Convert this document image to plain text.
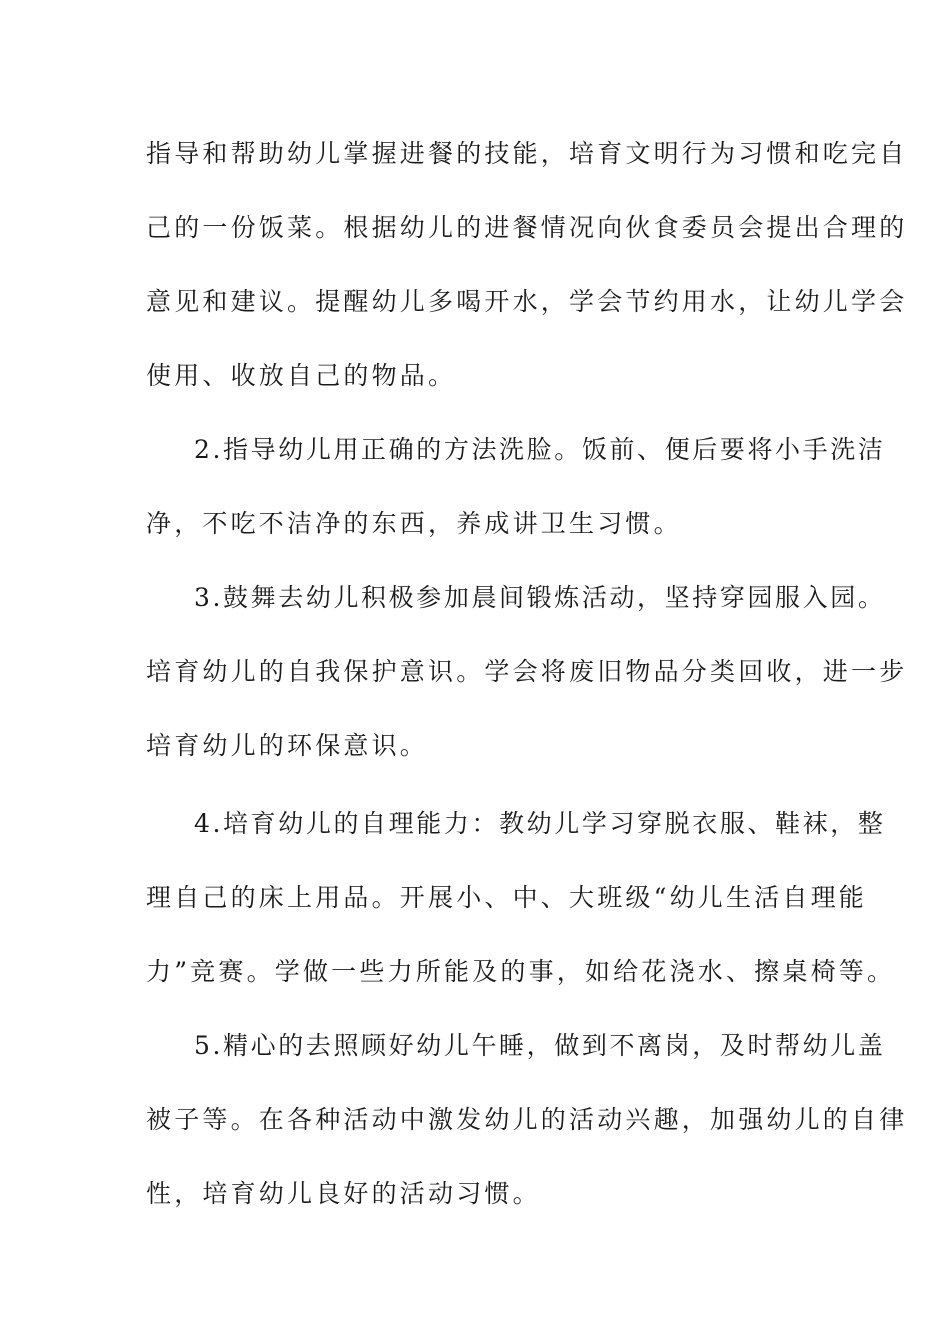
指导和帮助幼儿掌握进餐的技能，培育文明行为习惯和吃完自
己的一份饭菜。根据幼儿的进餐情况向伙食委员会提出合理的
意见和建议。提醒幼儿多喝开水，学会节约用水，让幼儿学会
使用、收放自己的物品。
2.指导幼儿用正确的方法洗脸。饭前、便后要将小手洗洁
净，不吃不洁净的东西，养成讲卫生习惯。
3.鼓舞去幼儿积极参加晨间锻炼活动，坚持穿园服入园。
培育幼儿的自我保护意识。学会将废旧物品分类回收，进一步
培育幼儿的环保意识。
4.培育幼儿的自理能力：教幼儿学习穿脱衣服、鞋袜，整
理自己的床上用品。开展小、中、大班级“幼儿生活自理能
力”竞赛。学做一些力所能及的事，如给花浇水、擦桌椅等。
5.精心的去照顾好幼儿午睡，做到不离岗，及时帮幼儿盖
被子等。在各种活动中激发幼儿的活动兴趣，加强幼儿的自律
性，培育幼儿良好的活动习惯。
